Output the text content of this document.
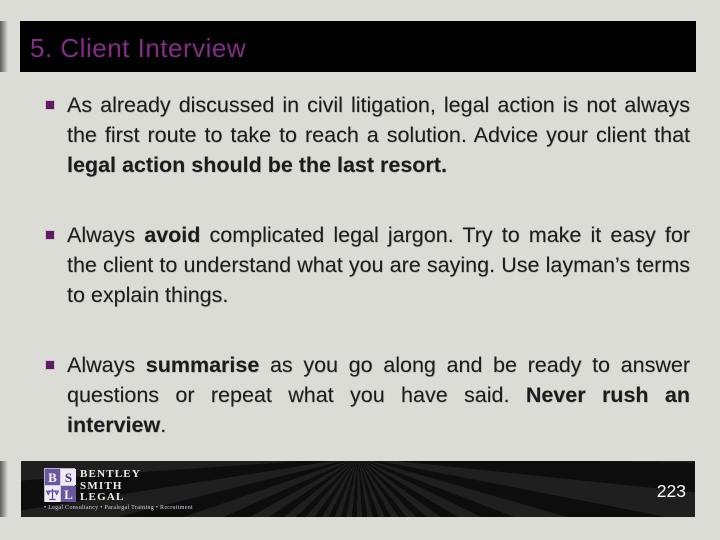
5. Client Interview
As already discussed in civil litigation, legal action is not always the first route to take to reach a solution. Advice your client that legal action should be the last resort.
Always avoid complicated legal jargon. Try to make it easy for the client to understand what you are saying. Use layman’s terms to explain things.
Always summarise as you go along and be ready to answer questions or repeat what you have said. Never rush an interview.
B S
L
BENTLEY
SMITH
LEGAL
• Legal Consultancy • Paralegal Training • Recruitment
223
